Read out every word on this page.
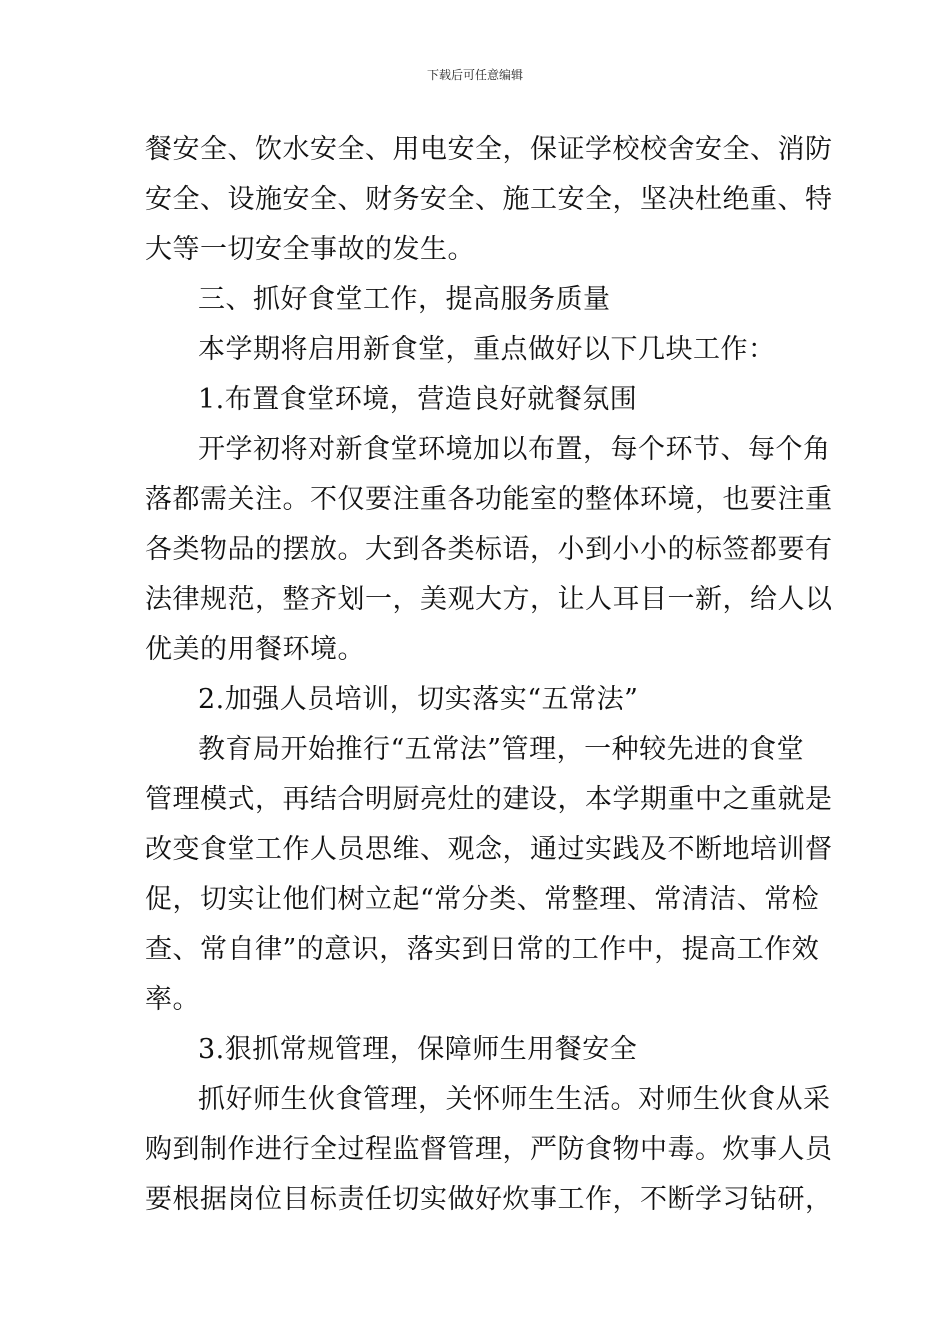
下载后可任意编辑
餐安全、饮水安全、用电安全，保证学校校舍安全、消防
安全、设施安全、财务安全、施工安全，坚决杜绝重、特
大等一切安全事故的发生。
三、抓好食堂工作，提高服务质量
本学期将启用新食堂，重点做好以下几块工作：
1.布置食堂环境，营造良好就餐氛围
开学初将对新食堂环境加以布置，每个环节、每个角
落都需关注。不仅要注重各功能室的整体环境，也要注重
各类物品的摆放。大到各类标语，小到小小的标签都要有
法律规范，整齐划一，美观大方，让人耳目一新，给人以
优美的用餐环境。
2.加强人员培训，切实落实“五常法”
教育局开始推行“五常法”管理，一种较先进的食堂
管理模式，再结合明厨亮灶的建设，本学期重中之重就是
改变食堂工作人员思维、观念，通过实践及不断地培训督
促，切实让他们树立起“常分类、常整理、常清洁、常检
查、常自律”的意识，落实到日常的工作中，提高工作效
率。
3.狠抓常规管理，保障师生用餐安全
抓好师生伙食管理，关怀师生生活。对师生伙食从采
购到制作进行全过程监督管理，严防食物中毒。炊事人员
要根据岗位目标责任切实做好炊事工作，不断学习钻研，
